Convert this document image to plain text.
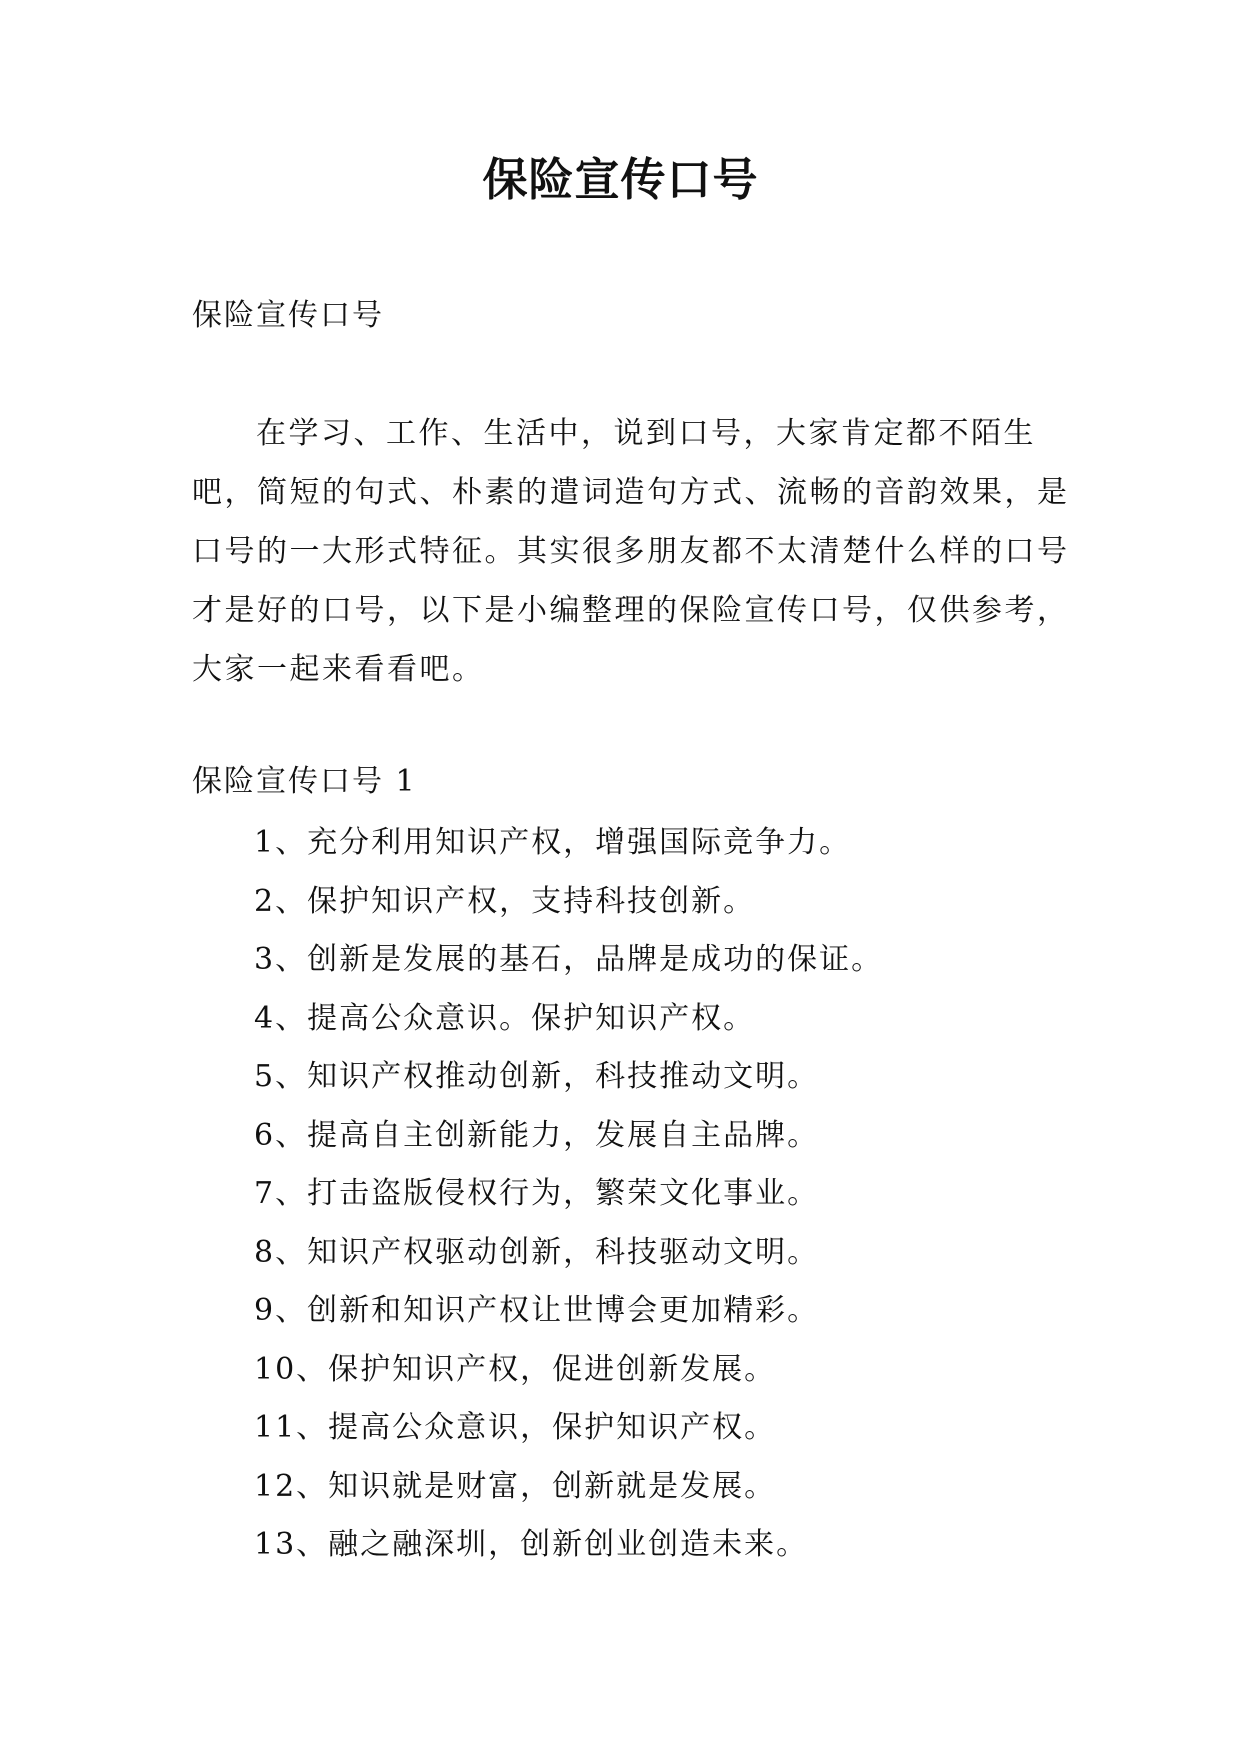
保险宣传口号
保险宣传口号

在学习、工作、生活中，说到口号，大家肯定都不陌生吧，简短的句式、朴素的遣词造句方式、流畅的音韵效果，是口号的一大形式特征。其实很多朋友都不太清楚什么样的口号才是好的口号，以下是小编整理的保险宣传口号，仅供参考，大家一起来看看吧。

保险宣传口号 1
1、充分利用知识产权，增强国际竞争力。
2、保护知识产权，支持科技创新。
3、创新是发展的基石，品牌是成功的保证。
4、提高公众意识。保护知识产权。
5、知识产权推动创新，科技推动文明。
6、提高自主创新能力，发展自主品牌。
7、打击盗版侵权行为，繁荣文化事业。
8、知识产权驱动创新，科技驱动文明。
9、创新和知识产权让世博会更加精彩。
10、保护知识产权，促进创新发展。
11、提高公众意识，保护知识产权。
12、知识就是财富，创新就是发展。
13、融之融深圳，创新创业创造未来。
